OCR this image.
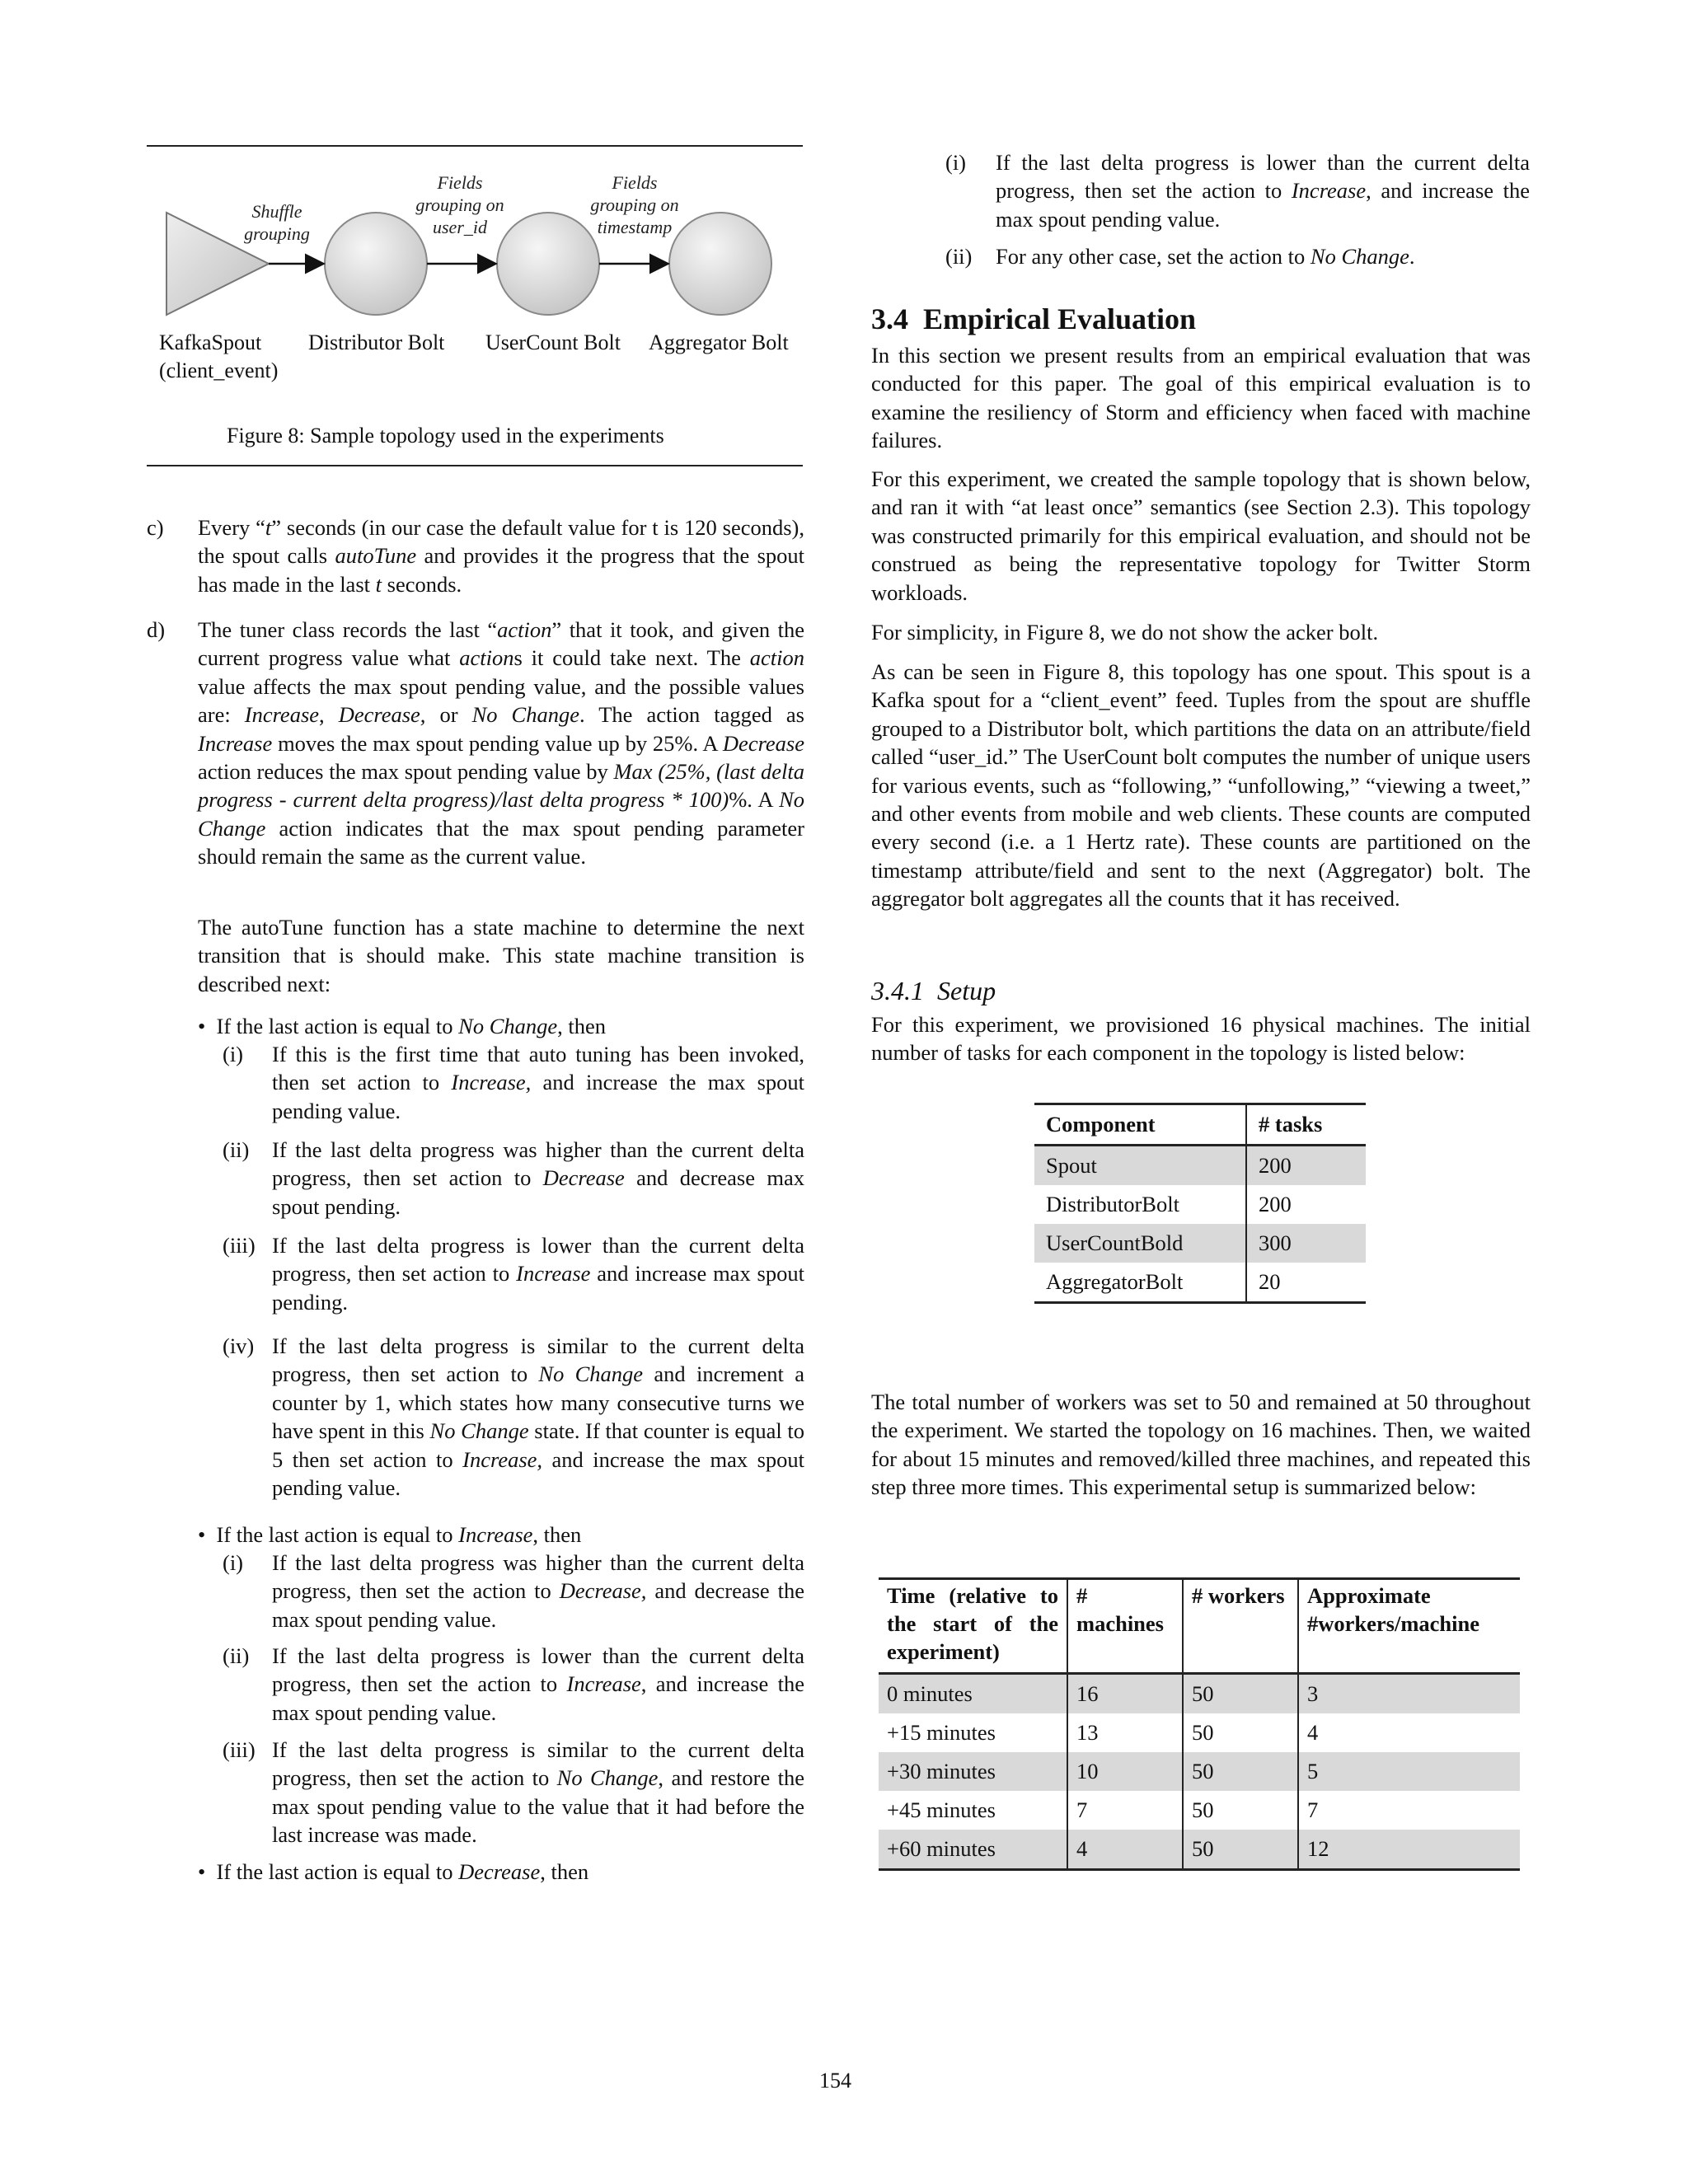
Shuffle
grouping
Fields
grouping on
user_id
Fields
grouping on
timestamp
KafkaSpout
(client_event)
Distributor Bolt UserCount Bolt Aggregator Bolt
Figure 8: Sample topology used in the experiments
c) Every “t” seconds (in our case the default value for t is 120 seconds), the spout calls autoTune and provides it the progress that the spout has made in the last t seconds.
d) The tuner class records the last “action” that it took, and given the current progress value what actions it could take next. The action value affects the max spout pending value, and the possible values are: Increase, Decrease, or No Change. The action tagged as Increase moves the max spout pending value up by 25%. A Decrease action reduces the max spout pending value by Max (25%, (last delta progress - current delta progress)/last delta progress * 100)%. A No Change action indicates that the max spout pending parameter should remain the same as the current value.
The autoTune function has a state machine to determine the next transition that is should make. This state machine transition is described next:
•  If the last action is equal to No Change, then
(i) If this is the first time that auto tuning has been invoked, then set action to Increase, and increase the max spout pending value.
(ii) If the last delta progress was higher than the current delta progress, then set action to Decrease and decrease max spout pending.
(iii) If the last delta progress is lower than the current delta progress, then set action to Increase and increase max spout pending.
(iv) If the last delta progress is similar to the current delta progress, then set action to No Change and increment a counter by 1, which states how many consecutive turns we have spent in this No Change state. If that counter is equal to 5 then set action to Increase, and increase the max spout pending value.
•  If the last action is equal to Increase, then
(i) If the last delta progress was higher than the current delta progress, then set the action to Decrease, and decrease the max spout pending value.
(ii) If the last delta progress is lower than the current delta progress, then set the action to Increase, and increase the max spout pending value.
(iii) If the last delta progress is similar to the current delta progress, then set the action to No Change, and restore the max spout pending value to the value that it had before the last increase was made.
•  If the last action is equal to Decrease, then
(i) If the last delta progress is lower than the current delta progress, then set the action to Increase, and increase the max spout pending value.
(ii) For any other case, set the action to No Change.
3.4 Empirical Evaluation
In this section we present results from an empirical evaluation that was conducted for this paper. The goal of this empirical evaluation is to examine the resiliency of Storm and efficiency when faced with machine failures.
For this experiment, we created the sample topology that is shown below, and ran it with “at least once” semantics (see Section 2.3). This topology was constructed primarily for this empirical evaluation, and should not be construed as being the representative topology for Twitter Storm workloads.
For simplicity, in Figure 8, we do not show the acker bolt.
As can be seen in Figure 8, this topology has one spout. This spout is a Kafka spout for a “client_event” feed. Tuples from the spout are shuffle grouped to a Distributor bolt, which partitions the data on an attribute/field called “user_id.” The UserCount bolt computes the number of unique users for various events, such as “following,” “unfollowing,” “viewing a tweet,” and other events from mobile and web clients. These counts are computed every second (i.e. a 1 Hertz rate). These counts are partitioned on the timestamp attribute/field and sent to the next (Aggregator) bolt. The aggregator bolt aggregates all the counts that it has received.
3.4.1 Setup
For this experiment, we provisioned 16 physical machines. The initial number of tasks for each component in the topology is listed below:
Component	# tasks
Spout	200
DistributorBolt	200
UserCountBold	300
AggregatorBolt	20
The total number of workers was set to 50 and remained at 50 throughout the experiment. We started the topology on 16 machines. Then, we waited for about 15 minutes and removed/killed three machines, and repeated this step three more times. This experimental setup is summarized below:
Time (relative to the start of the experiment)	# machines	# workers	Approximate #workers/machine
0 minutes	16	50	3
+15 minutes	13	50	4
+30 minutes	10	50	5
+45 minutes	7	50	7
+60 minutes	4	50	12
154
